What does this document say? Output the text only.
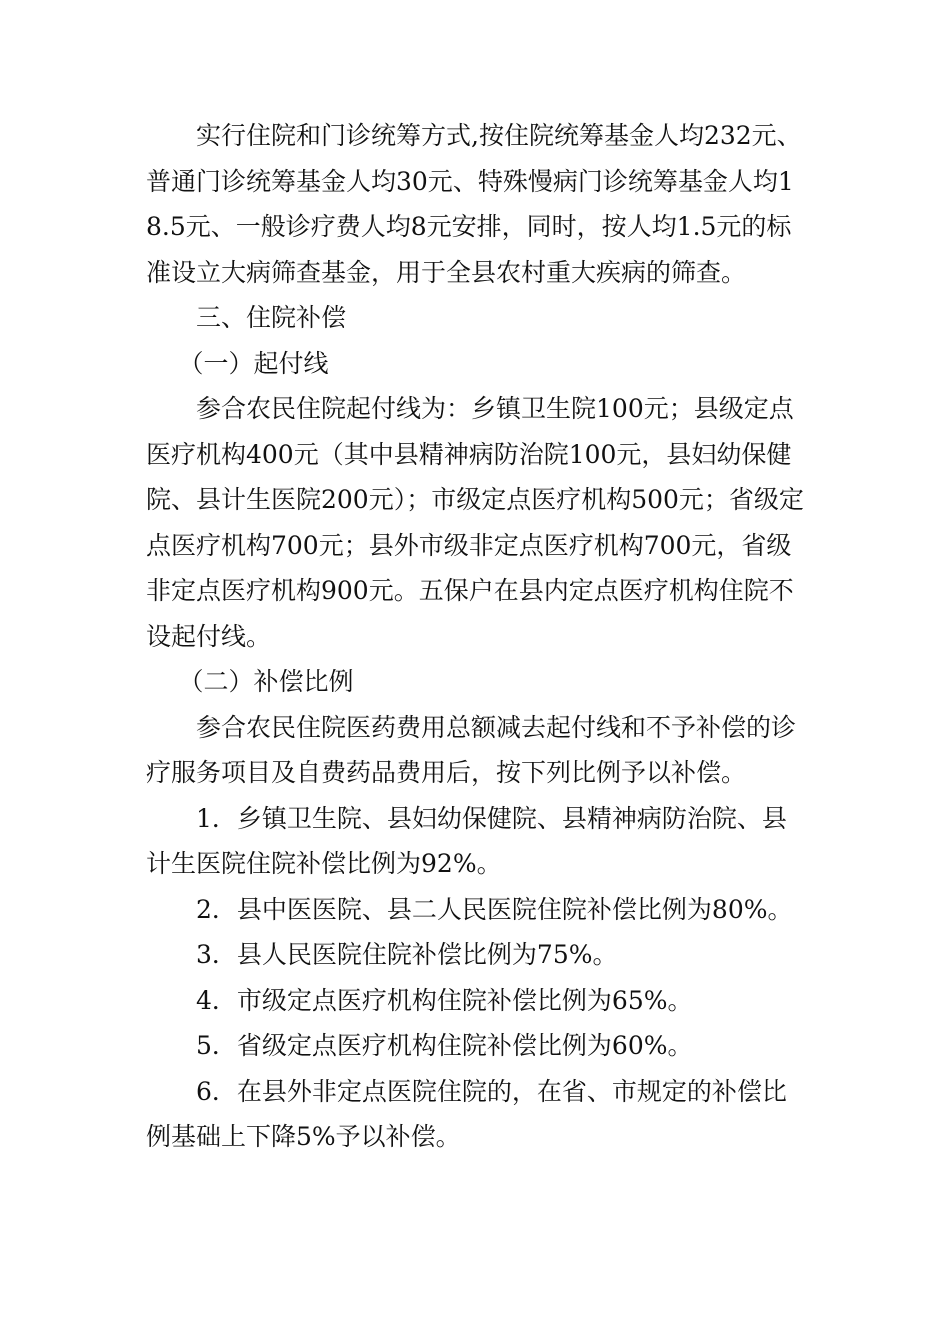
实行住院和门诊统筹方式,按住院统筹基金人均232元、普通门诊统筹基金人均30元、特殊慢病门诊统筹基金人均18.5元、一般诊疗费人均8元安排，同时，按人均1.5元的标准设立大病筛查基金，用于全县农村重大疾病的筛查。

三、住院补偿

（一）起付线

参合农民住院起付线为：乡镇卫生院100元；县级定点医疗机构400元（其中县精神病防治院100元，县妇幼保健院、县计生医院200元）；市级定点医疗机构500元；省级定点医疗机构700元；县外市级非定点医疗机构700元，省级非定点医疗机构900元。五保户在县内定点医疗机构住院不设起付线。

（二）补偿比例

参合农民住院医药费用总额减去起付线和不予补偿的诊疗服务项目及自费药品费用后，按下列比例予以补偿。

1．乡镇卫生院、县妇幼保健院、县精神病防治院、县计生医院住院补偿比例为92%。

2．县中医医院、县二人民医院住院补偿比例为80%。

3．县人民医院住院补偿比例为75%。

4．市级定点医疗机构住院补偿比例为65%。

5．省级定点医疗机构住院补偿比例为60%。

6．在县外非定点医院住院的，在省、市规定的补偿比例基础上下降5%予以补偿。
